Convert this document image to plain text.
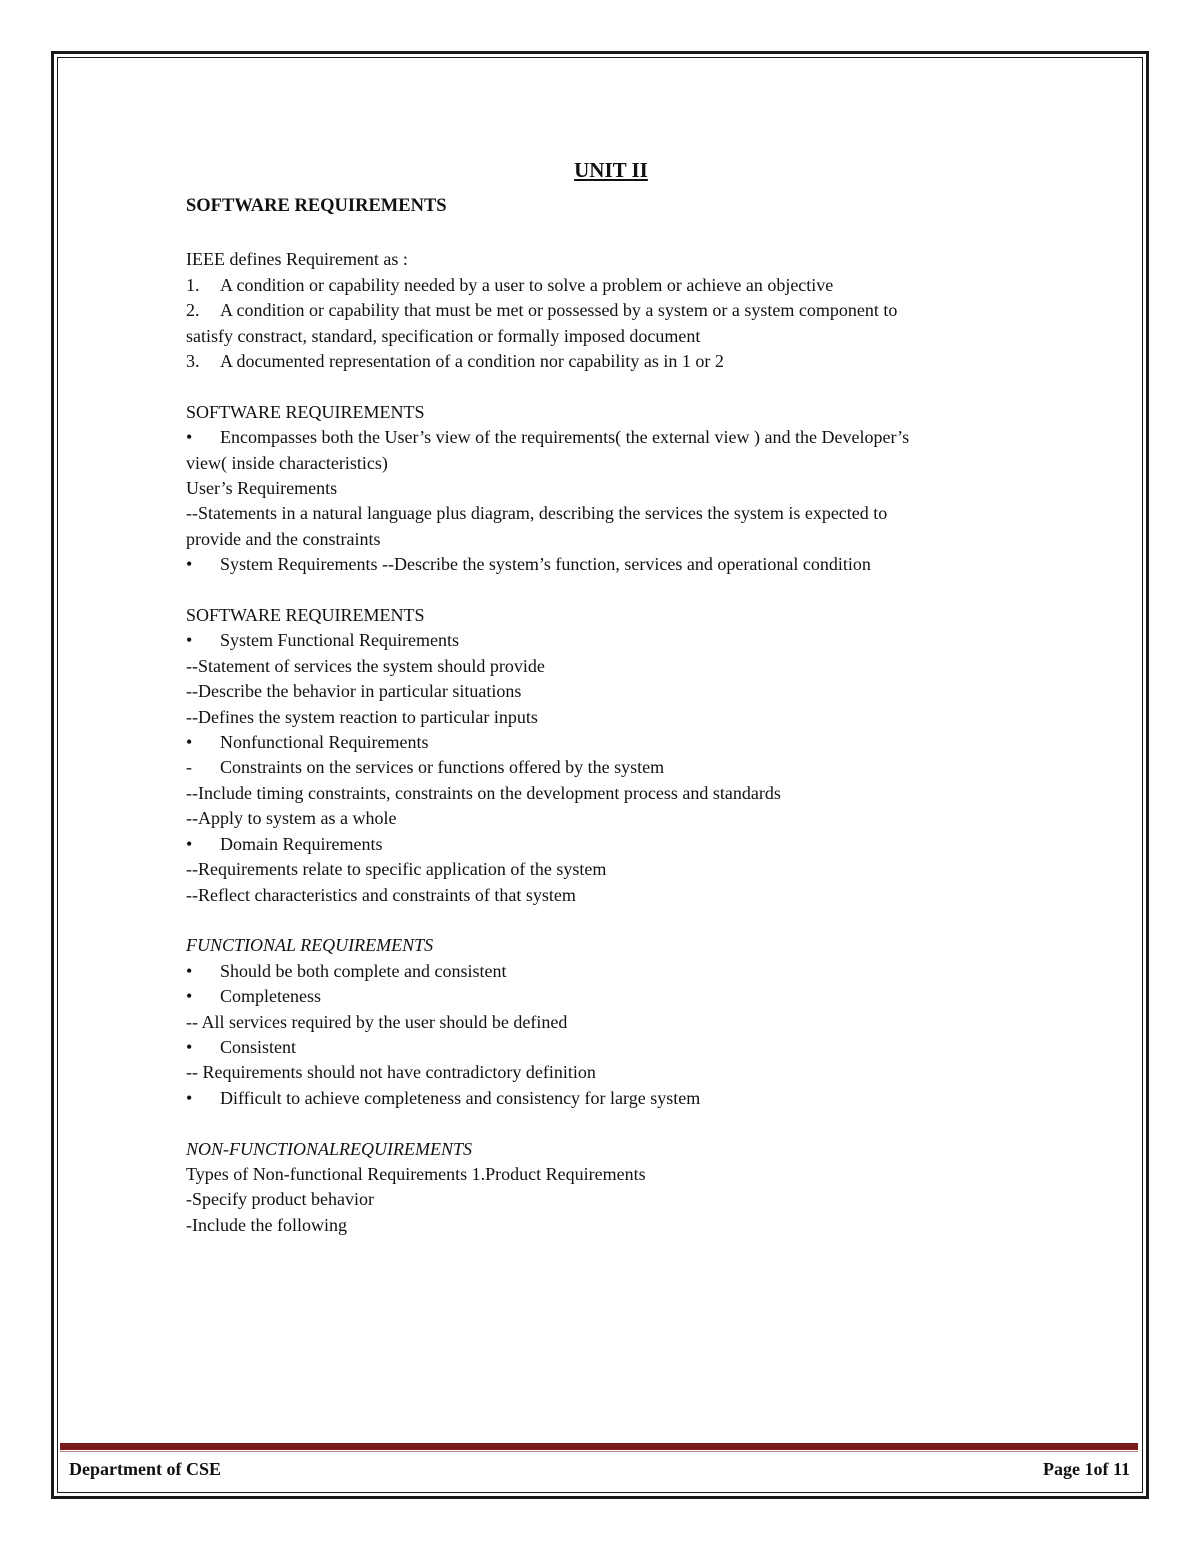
UNIT II
SOFTWARE REQUIREMENTS
IEEE defines Requirement as :
1.	A condition or capability needed by a user to solve a problem or achieve an objective
2.	A condition or capability that must be met or possessed by a system or a system component to
satisfy constract, standard, specification or formally imposed document
3.	A documented representation of a condition nor capability as in 1 or 2
SOFTWARE REQUIREMENTS
•	Encompasses both the User’s view of the requirements( the external view ) and the Developer’s
view( inside characteristics)
User’s Requirements
--Statements in a natural language plus diagram, describing the services the system is expected to
provide and the constraints
•	System Requirements --Describe the system’s function, services and operational condition
SOFTWARE REQUIREMENTS
•	System Functional Requirements
--Statement of services the system should provide
--Describe the behavior in particular situations
--Defines the system reaction to particular inputs
•	Nonfunctional Requirements
-	Constraints on the services or functions offered by the system
--Include timing constraints, constraints on the development process and standards
--Apply to system as a whole
•	Domain Requirements
--Requirements relate to specific application of the system
--Reflect characteristics and constraints of that system
FUNCTIONAL REQUIREMENTS
•	Should be both complete and consistent
•	Completeness
-- All services required by the user should be defined
•	Consistent
-- Requirements should not have contradictory definition
•	Difficult to achieve completeness and consistency for large system
NON-FUNCTIONALREQUIREMENTS
Types of Non-functional Requirements 1.Product Requirements
-Specify product behavior
-Include the following
Department of CSE	Page 1of 11
